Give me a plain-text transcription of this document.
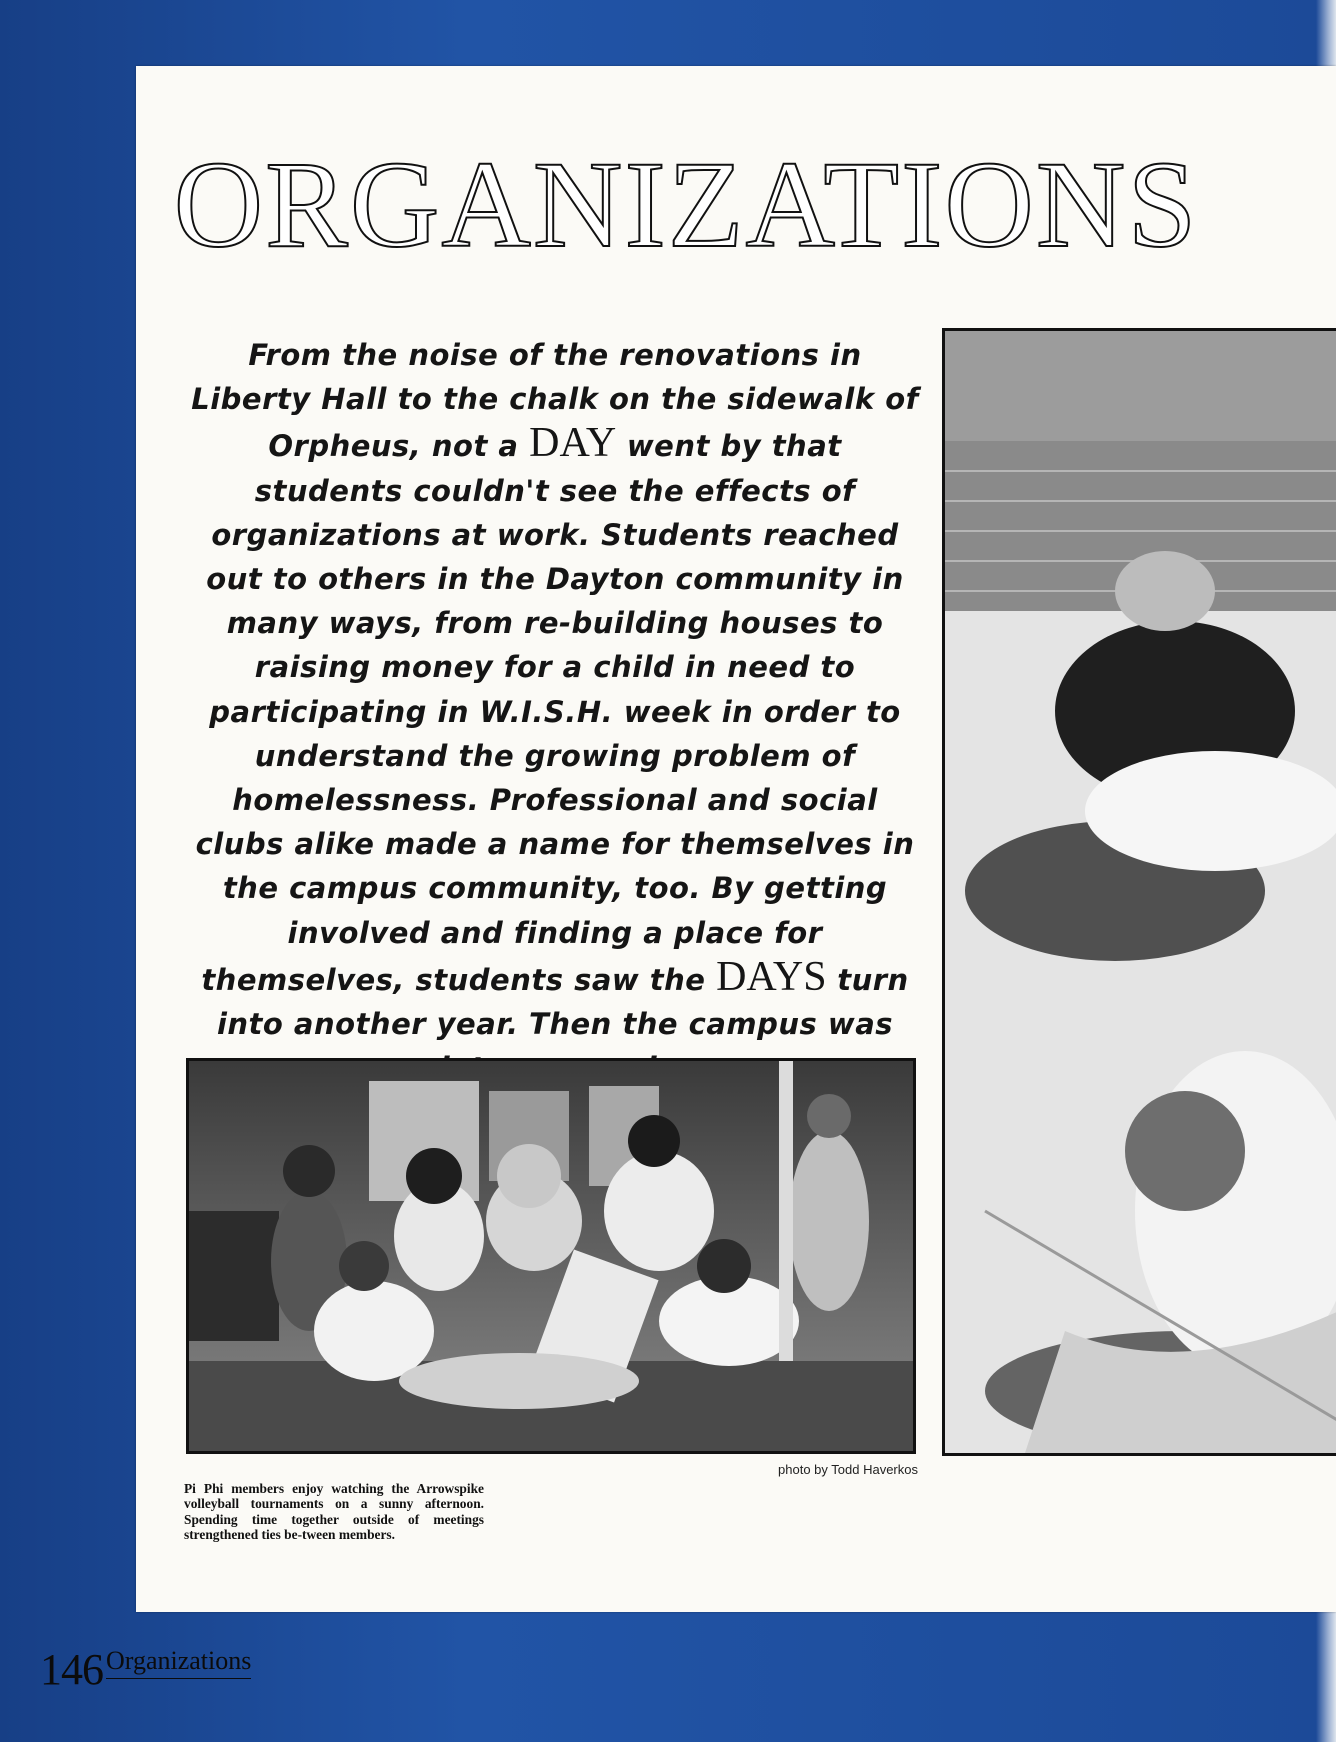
ORGANIZATIONS
From the noise of the renovations in Liberty Hall to the chalk on the sidewalk of Orpheus, not a DAY went by that students couldn't see the effects of organizations at work. Students reached out to others in the Dayton community in many ways, from re-building houses to raising money for a child in need to participating in W.I.S.H. week in order to understand the growing problem of homelessness. Professional and social clubs alike made a name for themselves in the campus community, too. By getting involved and finding a place for themselves, students saw the DAYS turn into another year. Then the campus was
photo by Todd Haverkos
Pi Phi members enjoy watching the Arrowspike volleyball tournaments on a sunny afternoon. Spending time together outside of meetings strengthened ties be-tween members.
146 Organizations
